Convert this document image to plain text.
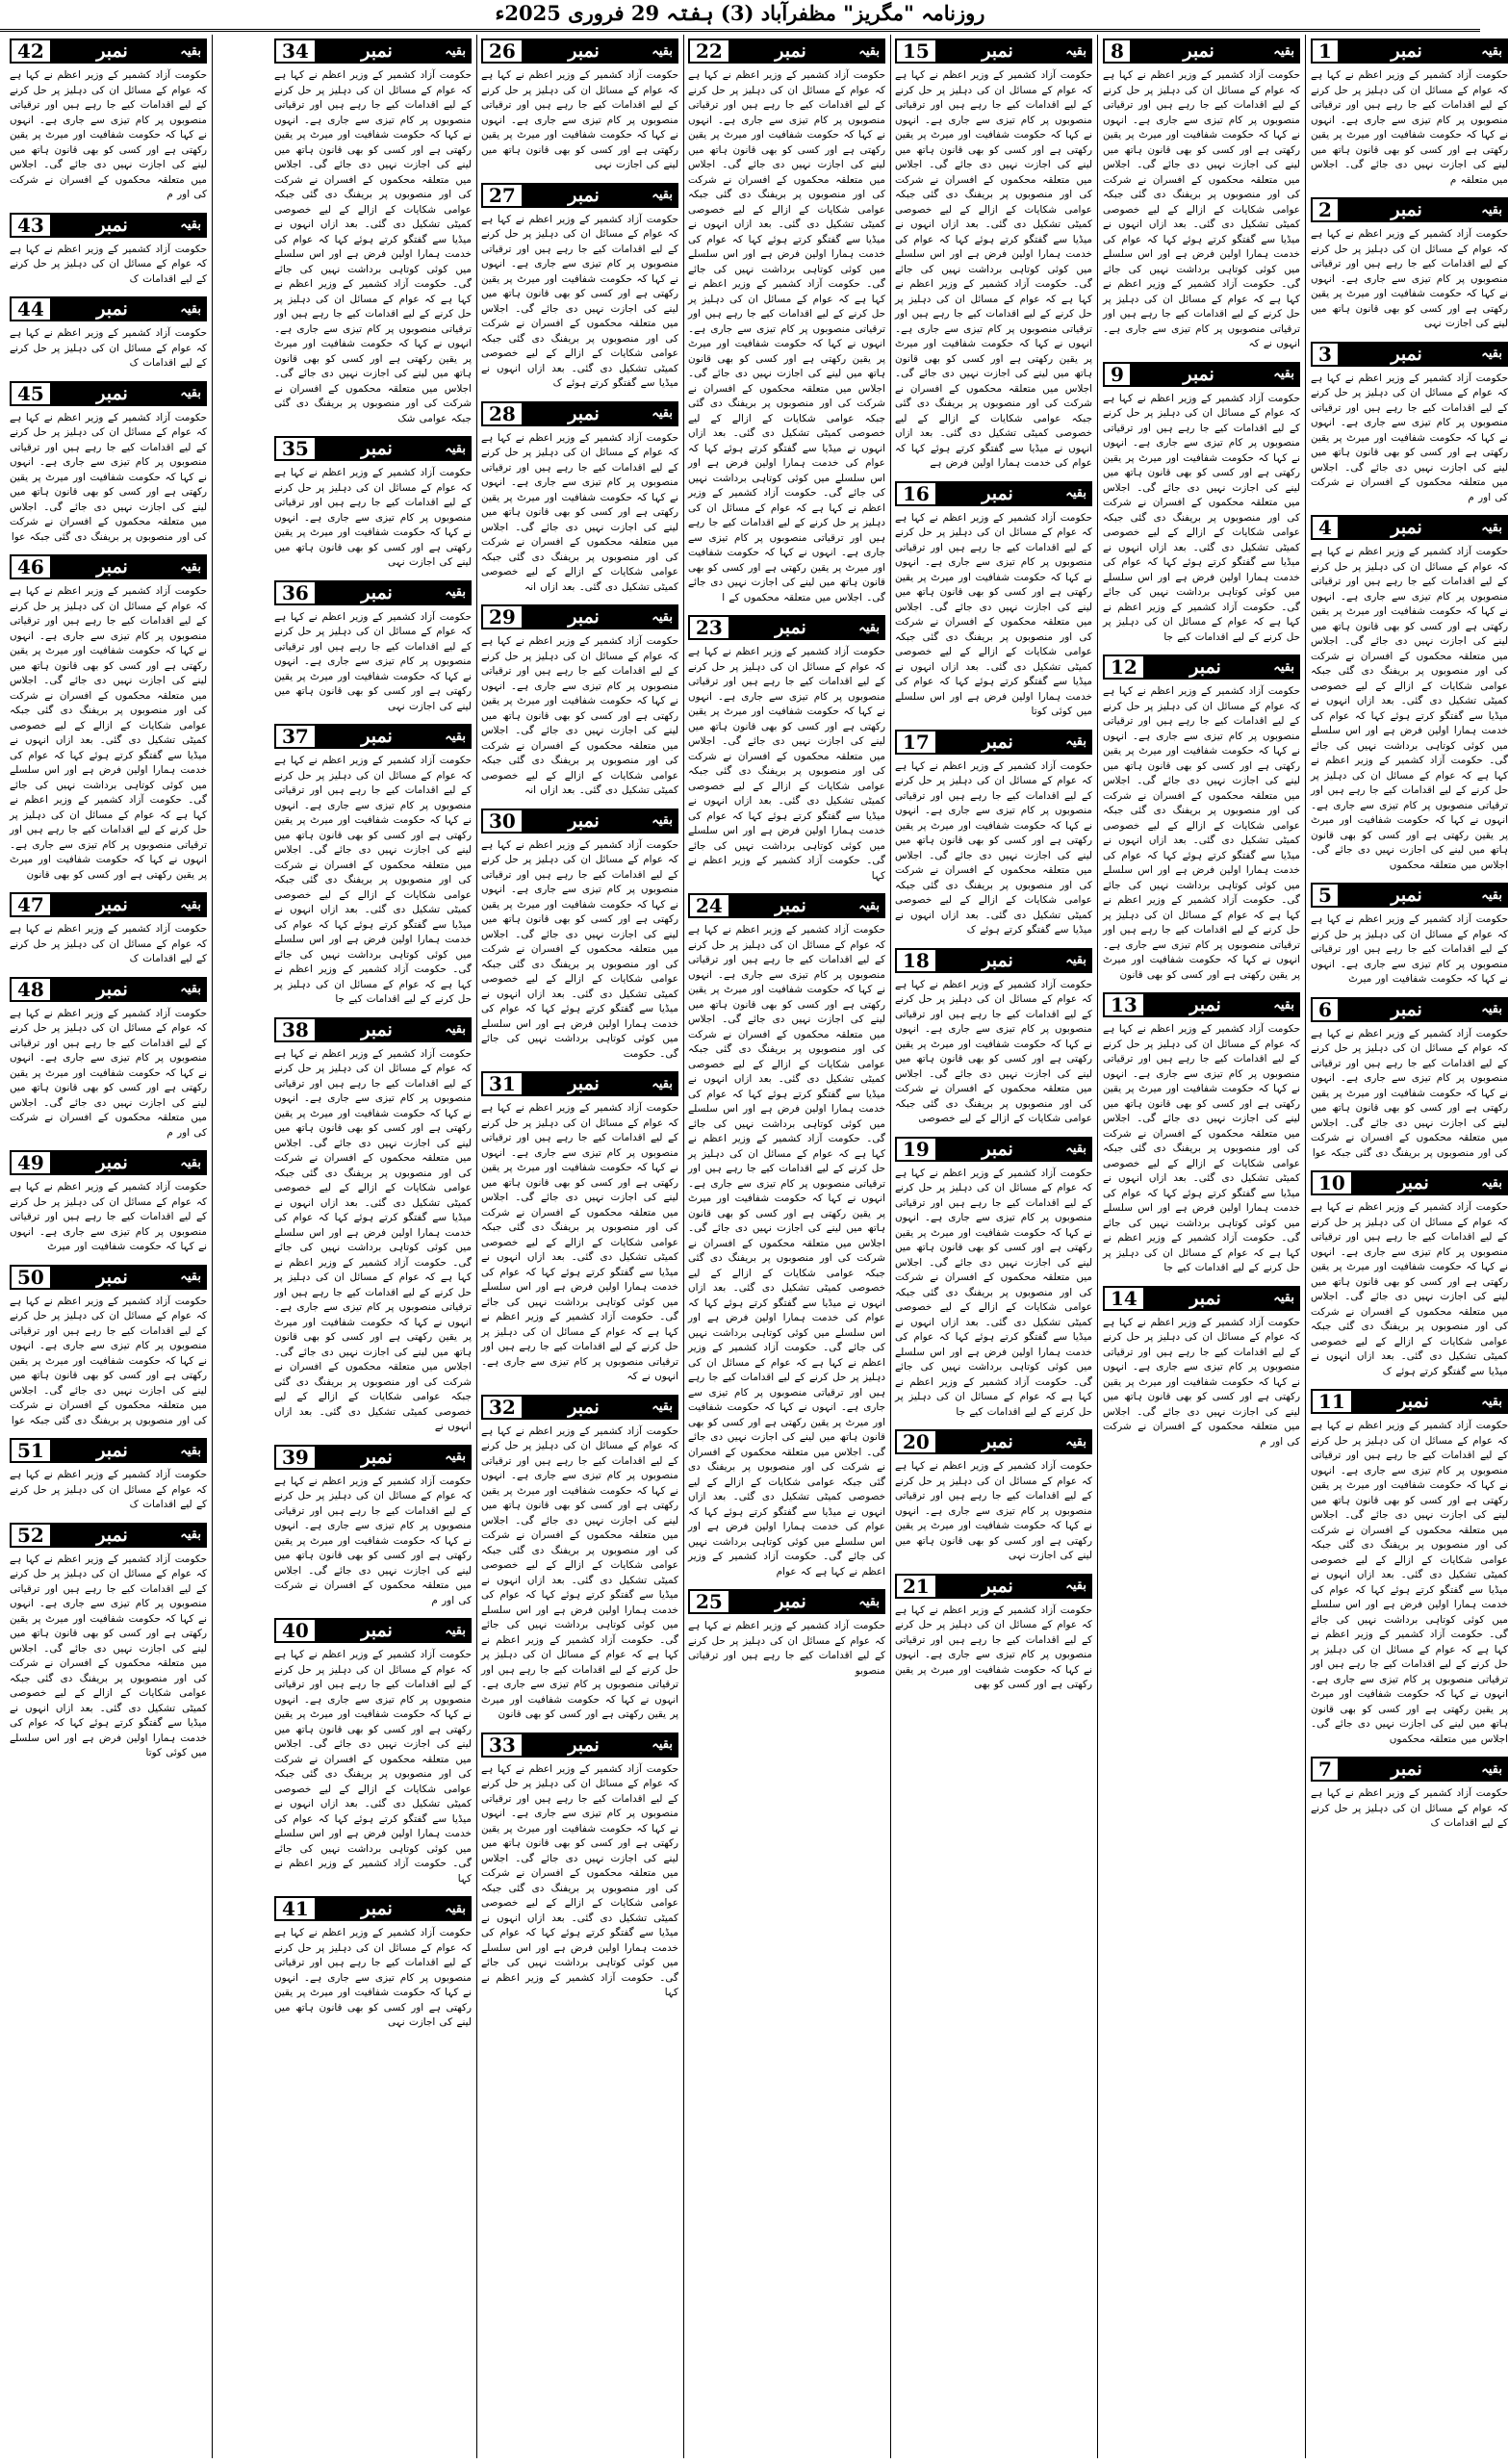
روزنامہ "مگریز" مظفرآباد (3) ہفتہ 29 فروری 2025ء
1	نمبر	بقیہ
حکومت آزاد کشمیر کے وزیر اعظم نے کہا ہے کہ عوام کے مسائل ان کی دہلیز پر حل کرنے کے لیے اقدامات کیے جا رہے ہیں اور ترقیاتی منصوبوں پر کام تیزی سے جاری ہے۔ انہوں نے کہا کہ حکومت شفافیت اور میرٹ پر یقین رکھتی ہے اور کسی کو بھی قانون ہاتھ میں لینے کی اجازت نہیں دی جائے گی۔ اجلاس میں متعلقہ م
2	نمبر	بقیہ
حکومت آزاد کشمیر کے وزیر اعظم نے کہا ہے کہ عوام کے مسائل ان کی دہلیز پر حل کرنے کے لیے اقدامات کیے جا رہے ہیں اور ترقیاتی منصوبوں پر کام تیزی سے جاری ہے۔ انہوں نے کہا کہ حکومت شفافیت اور میرٹ پر یقین رکھتی ہے اور کسی کو بھی قانون ہاتھ میں لینے کی اجازت نہی
3	نمبر	بقیہ
حکومت آزاد کشمیر کے وزیر اعظم نے کہا ہے کہ عوام کے مسائل ان کی دہلیز پر حل کرنے کے لیے اقدامات کیے جا رہے ہیں اور ترقیاتی منصوبوں پر کام تیزی سے جاری ہے۔ انہوں نے کہا کہ حکومت شفافیت اور میرٹ پر یقین رکھتی ہے اور کسی کو بھی قانون ہاتھ میں لینے کی اجازت نہیں دی جائے گی۔ اجلاس میں متعلقہ محکموں کے افسران نے شرکت کی اور م
4	نمبر	بقیہ
حکومت آزاد کشمیر کے وزیر اعظم نے کہا ہے کہ عوام کے مسائل ان کی دہلیز پر حل کرنے کے لیے اقدامات کیے جا رہے ہیں اور ترقیاتی منصوبوں پر کام تیزی سے جاری ہے۔ انہوں نے کہا کہ حکومت شفافیت اور میرٹ پر یقین رکھتی ہے اور کسی کو بھی قانون ہاتھ میں لینے کی اجازت نہیں دی جائے گی۔ اجلاس میں متعلقہ محکموں کے افسران نے شرکت کی اور منصوبوں پر بریفنگ دی گئی جبکہ عوامی شکایات کے ازالے کے لیے خصوصی کمیٹی تشکیل دی گئی۔ بعد ازاں انہوں نے میڈیا سے گفتگو کرتے ہوئے کہا کہ عوام کی خدمت ہمارا اولین فرض ہے اور اس سلسلے میں کوئی کوتاہی برداشت نہیں کی جائے گی۔ حکومت آزاد کشمیر کے وزیر اعظم نے کہا ہے کہ عوام کے مسائل ان کی دہلیز پر حل کرنے کے لیے اقدامات کیے جا رہے ہیں اور ترقیاتی منصوبوں پر کام تیزی سے جاری ہے۔ انہوں نے کہا کہ حکومت شفافیت اور میرٹ پر یقین رکھتی ہے اور کسی کو بھی قانون ہاتھ میں لینے کی اجازت نہیں دی جائے گی۔ اجلاس میں متعلقہ محکموں
5	نمبر	بقیہ
حکومت آزاد کشمیر کے وزیر اعظم نے کہا ہے کہ عوام کے مسائل ان کی دہلیز پر حل کرنے کے لیے اقدامات کیے جا رہے ہیں اور ترقیاتی منصوبوں پر کام تیزی سے جاری ہے۔ انہوں نے کہا کہ حکومت شفافیت اور میرٹ
6	نمبر	بقیہ
حکومت آزاد کشمیر کے وزیر اعظم نے کہا ہے کہ عوام کے مسائل ان کی دہلیز پر حل کرنے کے لیے اقدامات کیے جا رہے ہیں اور ترقیاتی منصوبوں پر کام تیزی سے جاری ہے۔ انہوں نے کہا کہ حکومت شفافیت اور میرٹ پر یقین رکھتی ہے اور کسی کو بھی قانون ہاتھ میں لینے کی اجازت نہیں دی جائے گی۔ اجلاس میں متعلقہ محکموں کے افسران نے شرکت کی اور منصوبوں پر بریفنگ دی گئی جبکہ عوا
10	نمبر	بقیہ
حکومت آزاد کشمیر کے وزیر اعظم نے کہا ہے کہ عوام کے مسائل ان کی دہلیز پر حل کرنے کے لیے اقدامات کیے جا رہے ہیں اور ترقیاتی منصوبوں پر کام تیزی سے جاری ہے۔ انہوں نے کہا کہ حکومت شفافیت اور میرٹ پر یقین رکھتی ہے اور کسی کو بھی قانون ہاتھ میں لینے کی اجازت نہیں دی جائے گی۔ اجلاس میں متعلقہ محکموں کے افسران نے شرکت کی اور منصوبوں پر بریفنگ دی گئی جبکہ عوامی شکایات کے ازالے کے لیے خصوصی کمیٹی تشکیل دی گئی۔ بعد ازاں انہوں نے میڈیا سے گفتگو کرتے ہوئے ک
11	نمبر	بقیہ
حکومت آزاد کشمیر کے وزیر اعظم نے کہا ہے کہ عوام کے مسائل ان کی دہلیز پر حل کرنے کے لیے اقدامات کیے جا رہے ہیں اور ترقیاتی منصوبوں پر کام تیزی سے جاری ہے۔ انہوں نے کہا کہ حکومت شفافیت اور میرٹ پر یقین رکھتی ہے اور کسی کو بھی قانون ہاتھ میں لینے کی اجازت نہیں دی جائے گی۔ اجلاس میں متعلقہ محکموں کے افسران نے شرکت کی اور منصوبوں پر بریفنگ دی گئی جبکہ عوامی شکایات کے ازالے کے لیے خصوصی کمیٹی تشکیل دی گئی۔ بعد ازاں انہوں نے میڈیا سے گفتگو کرتے ہوئے کہا کہ عوام کی خدمت ہمارا اولین فرض ہے اور اس سلسلے میں کوئی کوتاہی برداشت نہیں کی جائے گی۔ حکومت آزاد کشمیر کے وزیر اعظم نے کہا ہے کہ عوام کے مسائل ان کی دہلیز پر حل کرنے کے لیے اقدامات کیے جا رہے ہیں اور ترقیاتی منصوبوں پر کام تیزی سے جاری ہے۔ انہوں نے کہا کہ حکومت شفافیت اور میرٹ پر یقین رکھتی ہے اور کسی کو بھی قانون ہاتھ میں لینے کی اجازت نہیں دی جائے گی۔ اجلاس میں متعلقہ محکموں
7	نمبر	بقیہ
حکومت آزاد کشمیر کے وزیر اعظم نے کہا ہے کہ عوام کے مسائل ان کی دہلیز پر حل کرنے کے لیے اقدامات ک
8	نمبر	بقیہ
حکومت آزاد کشمیر کے وزیر اعظم نے کہا ہے کہ عوام کے مسائل ان کی دہلیز پر حل کرنے کے لیے اقدامات کیے جا رہے ہیں اور ترقیاتی منصوبوں پر کام تیزی سے جاری ہے۔ انہوں نے کہا کہ حکومت شفافیت اور میرٹ پر یقین رکھتی ہے اور کسی کو بھی قانون ہاتھ میں لینے کی اجازت نہیں دی جائے گی۔ اجلاس میں متعلقہ محکموں کے افسران نے شرکت کی اور منصوبوں پر بریفنگ دی گئی جبکہ عوامی شکایات کے ازالے کے لیے خصوصی کمیٹی تشکیل دی گئی۔ بعد ازاں انہوں نے میڈیا سے گفتگو کرتے ہوئے کہا کہ عوام کی خدمت ہمارا اولین فرض ہے اور اس سلسلے میں کوئی کوتاہی برداشت نہیں کی جائے گی۔ حکومت آزاد کشمیر کے وزیر اعظم نے کہا ہے کہ عوام کے مسائل ان کی دہلیز پر حل کرنے کے لیے اقدامات کیے جا رہے ہیں اور ترقیاتی منصوبوں پر کام تیزی سے جاری ہے۔ انہوں نے کہ
9	نمبر	بقیہ
حکومت آزاد کشمیر کے وزیر اعظم نے کہا ہے کہ عوام کے مسائل ان کی دہلیز پر حل کرنے کے لیے اقدامات کیے جا رہے ہیں اور ترقیاتی منصوبوں پر کام تیزی سے جاری ہے۔ انہوں نے کہا کہ حکومت شفافیت اور میرٹ پر یقین رکھتی ہے اور کسی کو بھی قانون ہاتھ میں لینے کی اجازت نہیں دی جائے گی۔ اجلاس میں متعلقہ محکموں کے افسران نے شرکت کی اور منصوبوں پر بریفنگ دی گئی جبکہ عوامی شکایات کے ازالے کے لیے خصوصی کمیٹی تشکیل دی گئی۔ بعد ازاں انہوں نے میڈیا سے گفتگو کرتے ہوئے کہا کہ عوام کی خدمت ہمارا اولین فرض ہے اور اس سلسلے میں کوئی کوتاہی برداشت نہیں کی جائے گی۔ حکومت آزاد کشمیر کے وزیر اعظم نے کہا ہے کہ عوام کے مسائل ان کی دہلیز پر حل کرنے کے لیے اقدامات کیے جا
12	نمبر	بقیہ
حکومت آزاد کشمیر کے وزیر اعظم نے کہا ہے کہ عوام کے مسائل ان کی دہلیز پر حل کرنے کے لیے اقدامات کیے جا رہے ہیں اور ترقیاتی منصوبوں پر کام تیزی سے جاری ہے۔ انہوں نے کہا کہ حکومت شفافیت اور میرٹ پر یقین رکھتی ہے اور کسی کو بھی قانون ہاتھ میں لینے کی اجازت نہیں دی جائے گی۔ اجلاس میں متعلقہ محکموں کے افسران نے شرکت کی اور منصوبوں پر بریفنگ دی گئی جبکہ عوامی شکایات کے ازالے کے لیے خصوصی کمیٹی تشکیل دی گئی۔ بعد ازاں انہوں نے میڈیا سے گفتگو کرتے ہوئے کہا کہ عوام کی خدمت ہمارا اولین فرض ہے اور اس سلسلے میں کوئی کوتاہی برداشت نہیں کی جائے گی۔ حکومت آزاد کشمیر کے وزیر اعظم نے کہا ہے کہ عوام کے مسائل ان کی دہلیز پر حل کرنے کے لیے اقدامات کیے جا رہے ہیں اور ترقیاتی منصوبوں پر کام تیزی سے جاری ہے۔ انہوں نے کہا کہ حکومت شفافیت اور میرٹ پر یقین رکھتی ہے اور کسی کو بھی قانون
13	نمبر	بقیہ
حکومت آزاد کشمیر کے وزیر اعظم نے کہا ہے کہ عوام کے مسائل ان کی دہلیز پر حل کرنے کے لیے اقدامات کیے جا رہے ہیں اور ترقیاتی منصوبوں پر کام تیزی سے جاری ہے۔ انہوں نے کہا کہ حکومت شفافیت اور میرٹ پر یقین رکھتی ہے اور کسی کو بھی قانون ہاتھ میں لینے کی اجازت نہیں دی جائے گی۔ اجلاس میں متعلقہ محکموں کے افسران نے شرکت کی اور منصوبوں پر بریفنگ دی گئی جبکہ عوامی شکایات کے ازالے کے لیے خصوصی کمیٹی تشکیل دی گئی۔ بعد ازاں انہوں نے میڈیا سے گفتگو کرتے ہوئے کہا کہ عوام کی خدمت ہمارا اولین فرض ہے اور اس سلسلے میں کوئی کوتاہی برداشت نہیں کی جائے گی۔ حکومت آزاد کشمیر کے وزیر اعظم نے کہا ہے کہ عوام کے مسائل ان کی دہلیز پر حل کرنے کے لیے اقدامات کیے جا
14	نمبر	بقیہ
حکومت آزاد کشمیر کے وزیر اعظم نے کہا ہے کہ عوام کے مسائل ان کی دہلیز پر حل کرنے کے لیے اقدامات کیے جا رہے ہیں اور ترقیاتی منصوبوں پر کام تیزی سے جاری ہے۔ انہوں نے کہا کہ حکومت شفافیت اور میرٹ پر یقین رکھتی ہے اور کسی کو بھی قانون ہاتھ میں لینے کی اجازت نہیں دی جائے گی۔ اجلاس میں متعلقہ محکموں کے افسران نے شرکت کی اور م
15	نمبر	بقیہ
حکومت آزاد کشمیر کے وزیر اعظم نے کہا ہے کہ عوام کے مسائل ان کی دہلیز پر حل کرنے کے لیے اقدامات کیے جا رہے ہیں اور ترقیاتی منصوبوں پر کام تیزی سے جاری ہے۔ انہوں نے کہا کہ حکومت شفافیت اور میرٹ پر یقین رکھتی ہے اور کسی کو بھی قانون ہاتھ میں لینے کی اجازت نہیں دی جائے گی۔ اجلاس میں متعلقہ محکموں کے افسران نے شرکت کی اور منصوبوں پر بریفنگ دی گئی جبکہ عوامی شکایات کے ازالے کے لیے خصوصی کمیٹی تشکیل دی گئی۔ بعد ازاں انہوں نے میڈیا سے گفتگو کرتے ہوئے کہا کہ عوام کی خدمت ہمارا اولین فرض ہے اور اس سلسلے میں کوئی کوتاہی برداشت نہیں کی جائے گی۔ حکومت آزاد کشمیر کے وزیر اعظم نے کہا ہے کہ عوام کے مسائل ان کی دہلیز پر حل کرنے کے لیے اقدامات کیے جا رہے ہیں اور ترقیاتی منصوبوں پر کام تیزی سے جاری ہے۔ انہوں نے کہا کہ حکومت شفافیت اور میرٹ پر یقین رکھتی ہے اور کسی کو بھی قانون ہاتھ میں لینے کی اجازت نہیں دی جائے گی۔ اجلاس میں متعلقہ محکموں کے افسران نے شرکت کی اور منصوبوں پر بریفنگ دی گئی جبکہ عوامی شکایات کے ازالے کے لیے خصوصی کمیٹی تشکیل دی گئی۔ بعد ازاں انہوں نے میڈیا سے گفتگو کرتے ہوئے کہا کہ عوام کی خدمت ہمارا اولین فرض ہے
16	نمبر	بقیہ
حکومت آزاد کشمیر کے وزیر اعظم نے کہا ہے کہ عوام کے مسائل ان کی دہلیز پر حل کرنے کے لیے اقدامات کیے جا رہے ہیں اور ترقیاتی منصوبوں پر کام تیزی سے جاری ہے۔ انہوں نے کہا کہ حکومت شفافیت اور میرٹ پر یقین رکھتی ہے اور کسی کو بھی قانون ہاتھ میں لینے کی اجازت نہیں دی جائے گی۔ اجلاس میں متعلقہ محکموں کے افسران نے شرکت کی اور منصوبوں پر بریفنگ دی گئی جبکہ عوامی شکایات کے ازالے کے لیے خصوصی کمیٹی تشکیل دی گئی۔ بعد ازاں انہوں نے میڈیا سے گفتگو کرتے ہوئے کہا کہ عوام کی خدمت ہمارا اولین فرض ہے اور اس سلسلے میں کوئی کوتا
17	نمبر	بقیہ
حکومت آزاد کشمیر کے وزیر اعظم نے کہا ہے کہ عوام کے مسائل ان کی دہلیز پر حل کرنے کے لیے اقدامات کیے جا رہے ہیں اور ترقیاتی منصوبوں پر کام تیزی سے جاری ہے۔ انہوں نے کہا کہ حکومت شفافیت اور میرٹ پر یقین رکھتی ہے اور کسی کو بھی قانون ہاتھ میں لینے کی اجازت نہیں دی جائے گی۔ اجلاس میں متعلقہ محکموں کے افسران نے شرکت کی اور منصوبوں پر بریفنگ دی گئی جبکہ عوامی شکایات کے ازالے کے لیے خصوصی کمیٹی تشکیل دی گئی۔ بعد ازاں انہوں نے میڈیا سے گفتگو کرتے ہوئے ک
18	نمبر	بقیہ
حکومت آزاد کشمیر کے وزیر اعظم نے کہا ہے کہ عوام کے مسائل ان کی دہلیز پر حل کرنے کے لیے اقدامات کیے جا رہے ہیں اور ترقیاتی منصوبوں پر کام تیزی سے جاری ہے۔ انہوں نے کہا کہ حکومت شفافیت اور میرٹ پر یقین رکھتی ہے اور کسی کو بھی قانون ہاتھ میں لینے کی اجازت نہیں دی جائے گی۔ اجلاس میں متعلقہ محکموں کے افسران نے شرکت کی اور منصوبوں پر بریفنگ دی گئی جبکہ عوامی شکایات کے ازالے کے لیے خصوصی
19	نمبر	بقیہ
حکومت آزاد کشمیر کے وزیر اعظم نے کہا ہے کہ عوام کے مسائل ان کی دہلیز پر حل کرنے کے لیے اقدامات کیے جا رہے ہیں اور ترقیاتی منصوبوں پر کام تیزی سے جاری ہے۔ انہوں نے کہا کہ حکومت شفافیت اور میرٹ پر یقین رکھتی ہے اور کسی کو بھی قانون ہاتھ میں لینے کی اجازت نہیں دی جائے گی۔ اجلاس میں متعلقہ محکموں کے افسران نے شرکت کی اور منصوبوں پر بریفنگ دی گئی جبکہ عوامی شکایات کے ازالے کے لیے خصوصی کمیٹی تشکیل دی گئی۔ بعد ازاں انہوں نے میڈیا سے گفتگو کرتے ہوئے کہا کہ عوام کی خدمت ہمارا اولین فرض ہے اور اس سلسلے میں کوئی کوتاہی برداشت نہیں کی جائے گی۔ حکومت آزاد کشمیر کے وزیر اعظم نے کہا ہے کہ عوام کے مسائل ان کی دہلیز پر حل کرنے کے لیے اقدامات کیے جا
20	نمبر	بقیہ
حکومت آزاد کشمیر کے وزیر اعظم نے کہا ہے کہ عوام کے مسائل ان کی دہلیز پر حل کرنے کے لیے اقدامات کیے جا رہے ہیں اور ترقیاتی منصوبوں پر کام تیزی سے جاری ہے۔ انہوں نے کہا کہ حکومت شفافیت اور میرٹ پر یقین رکھتی ہے اور کسی کو بھی قانون ہاتھ میں لینے کی اجازت نہی
21	نمبر	بقیہ
حکومت آزاد کشمیر کے وزیر اعظم نے کہا ہے کہ عوام کے مسائل ان کی دہلیز پر حل کرنے کے لیے اقدامات کیے جا رہے ہیں اور ترقیاتی منصوبوں پر کام تیزی سے جاری ہے۔ انہوں نے کہا کہ حکومت شفافیت اور میرٹ پر یقین رکھتی ہے اور کسی کو بھی
22	نمبر	بقیہ
حکومت آزاد کشمیر کے وزیر اعظم نے کہا ہے کہ عوام کے مسائل ان کی دہلیز پر حل کرنے کے لیے اقدامات کیے جا رہے ہیں اور ترقیاتی منصوبوں پر کام تیزی سے جاری ہے۔ انہوں نے کہا کہ حکومت شفافیت اور میرٹ پر یقین رکھتی ہے اور کسی کو بھی قانون ہاتھ میں لینے کی اجازت نہیں دی جائے گی۔ اجلاس میں متعلقہ محکموں کے افسران نے شرکت کی اور منصوبوں پر بریفنگ دی گئی جبکہ عوامی شکایات کے ازالے کے لیے خصوصی کمیٹی تشکیل دی گئی۔ بعد ازاں انہوں نے میڈیا سے گفتگو کرتے ہوئے کہا کہ عوام کی خدمت ہمارا اولین فرض ہے اور اس سلسلے میں کوئی کوتاہی برداشت نہیں کی جائے گی۔ حکومت آزاد کشمیر کے وزیر اعظم نے کہا ہے کہ عوام کے مسائل ان کی دہلیز پر حل کرنے کے لیے اقدامات کیے جا رہے ہیں اور ترقیاتی منصوبوں پر کام تیزی سے جاری ہے۔ انہوں نے کہا کہ حکومت شفافیت اور میرٹ پر یقین رکھتی ہے اور کسی کو بھی قانون ہاتھ میں لینے کی اجازت نہیں دی جائے گی۔ اجلاس میں متعلقہ محکموں کے افسران نے شرکت کی اور منصوبوں پر بریفنگ دی گئی جبکہ عوامی شکایات کے ازالے کے لیے خصوصی کمیٹی تشکیل دی گئی۔ بعد ازاں انہوں نے میڈیا سے گفتگو کرتے ہوئے کہا کہ عوام کی خدمت ہمارا اولین فرض ہے اور اس سلسلے میں کوئی کوتاہی برداشت نہیں کی جائے گی۔ حکومت آزاد کشمیر کے وزیر اعظم نے کہا ہے کہ عوام کے مسائل ان کی دہلیز پر حل کرنے کے لیے اقدامات کیے جا رہے ہیں اور ترقیاتی منصوبوں پر کام تیزی سے جاری ہے۔ انہوں نے کہا کہ حکومت شفافیت اور میرٹ پر یقین رکھتی ہے اور کسی کو بھی قانون ہاتھ میں لینے کی اجازت نہیں دی جائے گی۔ اجلاس میں متعلقہ محکموں کے ا
23	نمبر	بقیہ
حکومت آزاد کشمیر کے وزیر اعظم نے کہا ہے کہ عوام کے مسائل ان کی دہلیز پر حل کرنے کے لیے اقدامات کیے جا رہے ہیں اور ترقیاتی منصوبوں پر کام تیزی سے جاری ہے۔ انہوں نے کہا کہ حکومت شفافیت اور میرٹ پر یقین رکھتی ہے اور کسی کو بھی قانون ہاتھ میں لینے کی اجازت نہیں دی جائے گی۔ اجلاس میں متعلقہ محکموں کے افسران نے شرکت کی اور منصوبوں پر بریفنگ دی گئی جبکہ عوامی شکایات کے ازالے کے لیے خصوصی کمیٹی تشکیل دی گئی۔ بعد ازاں انہوں نے میڈیا سے گفتگو کرتے ہوئے کہا کہ عوام کی خدمت ہمارا اولین فرض ہے اور اس سلسلے میں کوئی کوتاہی برداشت نہیں کی جائے گی۔ حکومت آزاد کشمیر کے وزیر اعظم نے کہا
24	نمبر	بقیہ
حکومت آزاد کشمیر کے وزیر اعظم نے کہا ہے کہ عوام کے مسائل ان کی دہلیز پر حل کرنے کے لیے اقدامات کیے جا رہے ہیں اور ترقیاتی منصوبوں پر کام تیزی سے جاری ہے۔ انہوں نے کہا کہ حکومت شفافیت اور میرٹ پر یقین رکھتی ہے اور کسی کو بھی قانون ہاتھ میں لینے کی اجازت نہیں دی جائے گی۔ اجلاس میں متعلقہ محکموں کے افسران نے شرکت کی اور منصوبوں پر بریفنگ دی گئی جبکہ عوامی شکایات کے ازالے کے لیے خصوصی کمیٹی تشکیل دی گئی۔ بعد ازاں انہوں نے میڈیا سے گفتگو کرتے ہوئے کہا کہ عوام کی خدمت ہمارا اولین فرض ہے اور اس سلسلے میں کوئی کوتاہی برداشت نہیں کی جائے گی۔ حکومت آزاد کشمیر کے وزیر اعظم نے کہا ہے کہ عوام کے مسائل ان کی دہلیز پر حل کرنے کے لیے اقدامات کیے جا رہے ہیں اور ترقیاتی منصوبوں پر کام تیزی سے جاری ہے۔ انہوں نے کہا کہ حکومت شفافیت اور میرٹ پر یقین رکھتی ہے اور کسی کو بھی قانون ہاتھ میں لینے کی اجازت نہیں دی جائے گی۔ اجلاس میں متعلقہ محکموں کے افسران نے شرکت کی اور منصوبوں پر بریفنگ دی گئی جبکہ عوامی شکایات کے ازالے کے لیے خصوصی کمیٹی تشکیل دی گئی۔ بعد ازاں انہوں نے میڈیا سے گفتگو کرتے ہوئے کہا کہ عوام کی خدمت ہمارا اولین فرض ہے اور اس سلسلے میں کوئی کوتاہی برداشت نہیں کی جائے گی۔ حکومت آزاد کشمیر کے وزیر اعظم نے کہا ہے کہ عوام کے مسائل ان کی دہلیز پر حل کرنے کے لیے اقدامات کیے جا رہے ہیں اور ترقیاتی منصوبوں پر کام تیزی سے جاری ہے۔ انہوں نے کہا کہ حکومت شفافیت اور میرٹ پر یقین رکھتی ہے اور کسی کو بھی قانون ہاتھ میں لینے کی اجازت نہیں دی جائے گی۔ اجلاس میں متعلقہ محکموں کے افسران نے شرکت کی اور منصوبوں پر بریفنگ دی گئی جبکہ عوامی شکایات کے ازالے کے لیے خصوصی کمیٹی تشکیل دی گئی۔ بعد ازاں انہوں نے میڈیا سے گفتگو کرتے ہوئے کہا کہ عوام کی خدمت ہمارا اولین فرض ہے اور اس سلسلے میں کوئی کوتاہی برداشت نہیں کی جائے گی۔ حکومت آزاد کشمیر کے وزیر اعظم نے کہا ہے کہ عوام
25	نمبر	بقیہ
حکومت آزاد کشمیر کے وزیر اعظم نے کہا ہے کہ عوام کے مسائل ان کی دہلیز پر حل کرنے کے لیے اقدامات کیے جا رہے ہیں اور ترقیاتی منصوبو
26	نمبر	بقیہ
حکومت آزاد کشمیر کے وزیر اعظم نے کہا ہے کہ عوام کے مسائل ان کی دہلیز پر حل کرنے کے لیے اقدامات کیے جا رہے ہیں اور ترقیاتی منصوبوں پر کام تیزی سے جاری ہے۔ انہوں نے کہا کہ حکومت شفافیت اور میرٹ پر یقین رکھتی ہے اور کسی کو بھی قانون ہاتھ میں لینے کی اجازت نہی
27	نمبر	بقیہ
حکومت آزاد کشمیر کے وزیر اعظم نے کہا ہے کہ عوام کے مسائل ان کی دہلیز پر حل کرنے کے لیے اقدامات کیے جا رہے ہیں اور ترقیاتی منصوبوں پر کام تیزی سے جاری ہے۔ انہوں نے کہا کہ حکومت شفافیت اور میرٹ پر یقین رکھتی ہے اور کسی کو بھی قانون ہاتھ میں لینے کی اجازت نہیں دی جائے گی۔ اجلاس میں متعلقہ محکموں کے افسران نے شرکت کی اور منصوبوں پر بریفنگ دی گئی جبکہ عوامی شکایات کے ازالے کے لیے خصوصی کمیٹی تشکیل دی گئی۔ بعد ازاں انہوں نے میڈیا سے گفتگو کرتے ہوئے ک
28	نمبر	بقیہ
حکومت آزاد کشمیر کے وزیر اعظم نے کہا ہے کہ عوام کے مسائل ان کی دہلیز پر حل کرنے کے لیے اقدامات کیے جا رہے ہیں اور ترقیاتی منصوبوں پر کام تیزی سے جاری ہے۔ انہوں نے کہا کہ حکومت شفافیت اور میرٹ پر یقین رکھتی ہے اور کسی کو بھی قانون ہاتھ میں لینے کی اجازت نہیں دی جائے گی۔ اجلاس میں متعلقہ محکموں کے افسران نے شرکت کی اور منصوبوں پر بریفنگ دی گئی جبکہ عوامی شکایات کے ازالے کے لیے خصوصی کمیٹی تشکیل دی گئی۔ بعد ازاں انہ
29	نمبر	بقیہ
حکومت آزاد کشمیر کے وزیر اعظم نے کہا ہے کہ عوام کے مسائل ان کی دہلیز پر حل کرنے کے لیے اقدامات کیے جا رہے ہیں اور ترقیاتی منصوبوں پر کام تیزی سے جاری ہے۔ انہوں نے کہا کہ حکومت شفافیت اور میرٹ پر یقین رکھتی ہے اور کسی کو بھی قانون ہاتھ میں لینے کی اجازت نہیں دی جائے گی۔ اجلاس میں متعلقہ محکموں کے افسران نے شرکت کی اور منصوبوں پر بریفنگ دی گئی جبکہ عوامی شکایات کے ازالے کے لیے خصوصی کمیٹی تشکیل دی گئی۔ بعد ازاں انہ
30	نمبر	بقیہ
حکومت آزاد کشمیر کے وزیر اعظم نے کہا ہے کہ عوام کے مسائل ان کی دہلیز پر حل کرنے کے لیے اقدامات کیے جا رہے ہیں اور ترقیاتی منصوبوں پر کام تیزی سے جاری ہے۔ انہوں نے کہا کہ حکومت شفافیت اور میرٹ پر یقین رکھتی ہے اور کسی کو بھی قانون ہاتھ میں لینے کی اجازت نہیں دی جائے گی۔ اجلاس میں متعلقہ محکموں کے افسران نے شرکت کی اور منصوبوں پر بریفنگ دی گئی جبکہ عوامی شکایات کے ازالے کے لیے خصوصی کمیٹی تشکیل دی گئی۔ بعد ازاں انہوں نے میڈیا سے گفتگو کرتے ہوئے کہا کہ عوام کی خدمت ہمارا اولین فرض ہے اور اس سلسلے میں کوئی کوتاہی برداشت نہیں کی جائے گی۔ حکومت
31	نمبر	بقیہ
حکومت آزاد کشمیر کے وزیر اعظم نے کہا ہے کہ عوام کے مسائل ان کی دہلیز پر حل کرنے کے لیے اقدامات کیے جا رہے ہیں اور ترقیاتی منصوبوں پر کام تیزی سے جاری ہے۔ انہوں نے کہا کہ حکومت شفافیت اور میرٹ پر یقین رکھتی ہے اور کسی کو بھی قانون ہاتھ میں لینے کی اجازت نہیں دی جائے گی۔ اجلاس میں متعلقہ محکموں کے افسران نے شرکت کی اور منصوبوں پر بریفنگ دی گئی جبکہ عوامی شکایات کے ازالے کے لیے خصوصی کمیٹی تشکیل دی گئی۔ بعد ازاں انہوں نے میڈیا سے گفتگو کرتے ہوئے کہا کہ عوام کی خدمت ہمارا اولین فرض ہے اور اس سلسلے میں کوئی کوتاہی برداشت نہیں کی جائے گی۔ حکومت آزاد کشمیر کے وزیر اعظم نے کہا ہے کہ عوام کے مسائل ان کی دہلیز پر حل کرنے کے لیے اقدامات کیے جا رہے ہیں اور ترقیاتی منصوبوں پر کام تیزی سے جاری ہے۔ انہوں نے کہ
32	نمبر	بقیہ
حکومت آزاد کشمیر کے وزیر اعظم نے کہا ہے کہ عوام کے مسائل ان کی دہلیز پر حل کرنے کے لیے اقدامات کیے جا رہے ہیں اور ترقیاتی منصوبوں پر کام تیزی سے جاری ہے۔ انہوں نے کہا کہ حکومت شفافیت اور میرٹ پر یقین رکھتی ہے اور کسی کو بھی قانون ہاتھ میں لینے کی اجازت نہیں دی جائے گی۔ اجلاس میں متعلقہ محکموں کے افسران نے شرکت کی اور منصوبوں پر بریفنگ دی گئی جبکہ عوامی شکایات کے ازالے کے لیے خصوصی کمیٹی تشکیل دی گئی۔ بعد ازاں انہوں نے میڈیا سے گفتگو کرتے ہوئے کہا کہ عوام کی خدمت ہمارا اولین فرض ہے اور اس سلسلے میں کوئی کوتاہی برداشت نہیں کی جائے گی۔ حکومت آزاد کشمیر کے وزیر اعظم نے کہا ہے کہ عوام کے مسائل ان کی دہلیز پر حل کرنے کے لیے اقدامات کیے جا رہے ہیں اور ترقیاتی منصوبوں پر کام تیزی سے جاری ہے۔ انہوں نے کہا کہ حکومت شفافیت اور میرٹ پر یقین رکھتی ہے اور کسی کو بھی قانون
33	نمبر	بقیہ
حکومت آزاد کشمیر کے وزیر اعظم نے کہا ہے کہ عوام کے مسائل ان کی دہلیز پر حل کرنے کے لیے اقدامات کیے جا رہے ہیں اور ترقیاتی منصوبوں پر کام تیزی سے جاری ہے۔ انہوں نے کہا کہ حکومت شفافیت اور میرٹ پر یقین رکھتی ہے اور کسی کو بھی قانون ہاتھ میں لینے کی اجازت نہیں دی جائے گی۔ اجلاس میں متعلقہ محکموں کے افسران نے شرکت کی اور منصوبوں پر بریفنگ دی گئی جبکہ عوامی شکایات کے ازالے کے لیے خصوصی کمیٹی تشکیل دی گئی۔ بعد ازاں انہوں نے میڈیا سے گفتگو کرتے ہوئے کہا کہ عوام کی خدمت ہمارا اولین فرض ہے اور اس سلسلے میں کوئی کوتاہی برداشت نہیں کی جائے گی۔ حکومت آزاد کشمیر کے وزیر اعظم نے کہا
34	نمبر	بقیہ
حکومت آزاد کشمیر کے وزیر اعظم نے کہا ہے کہ عوام کے مسائل ان کی دہلیز پر حل کرنے کے لیے اقدامات کیے جا رہے ہیں اور ترقیاتی منصوبوں پر کام تیزی سے جاری ہے۔ انہوں نے کہا کہ حکومت شفافیت اور میرٹ پر یقین رکھتی ہے اور کسی کو بھی قانون ہاتھ میں لینے کی اجازت نہیں دی جائے گی۔ اجلاس میں متعلقہ محکموں کے افسران نے شرکت کی اور منصوبوں پر بریفنگ دی گئی جبکہ عوامی شکایات کے ازالے کے لیے خصوصی کمیٹی تشکیل دی گئی۔ بعد ازاں انہوں نے میڈیا سے گفتگو کرتے ہوئے کہا کہ عوام کی خدمت ہمارا اولین فرض ہے اور اس سلسلے میں کوئی کوتاہی برداشت نہیں کی جائے گی۔ حکومت آزاد کشمیر کے وزیر اعظم نے کہا ہے کہ عوام کے مسائل ان کی دہلیز پر حل کرنے کے لیے اقدامات کیے جا رہے ہیں اور ترقیاتی منصوبوں پر کام تیزی سے جاری ہے۔ انہوں نے کہا کہ حکومت شفافیت اور میرٹ پر یقین رکھتی ہے اور کسی کو بھی قانون ہاتھ میں لینے کی اجازت نہیں دی جائے گی۔ اجلاس میں متعلقہ محکموں کے افسران نے شرکت کی اور منصوبوں پر بریفنگ دی گئی جبکہ عوامی شک
35	نمبر	بقیہ
حکومت آزاد کشمیر کے وزیر اعظم نے کہا ہے کہ عوام کے مسائل ان کی دہلیز پر حل کرنے کے لیے اقدامات کیے جا رہے ہیں اور ترقیاتی منصوبوں پر کام تیزی سے جاری ہے۔ انہوں نے کہا کہ حکومت شفافیت اور میرٹ پر یقین رکھتی ہے اور کسی کو بھی قانون ہاتھ میں لینے کی اجازت نہی
36	نمبر	بقیہ
حکومت آزاد کشمیر کے وزیر اعظم نے کہا ہے کہ عوام کے مسائل ان کی دہلیز پر حل کرنے کے لیے اقدامات کیے جا رہے ہیں اور ترقیاتی منصوبوں پر کام تیزی سے جاری ہے۔ انہوں نے کہا کہ حکومت شفافیت اور میرٹ پر یقین رکھتی ہے اور کسی کو بھی قانون ہاتھ میں لینے کی اجازت نہی
37	نمبر	بقیہ
حکومت آزاد کشمیر کے وزیر اعظم نے کہا ہے کہ عوام کے مسائل ان کی دہلیز پر حل کرنے کے لیے اقدامات کیے جا رہے ہیں اور ترقیاتی منصوبوں پر کام تیزی سے جاری ہے۔ انہوں نے کہا کہ حکومت شفافیت اور میرٹ پر یقین رکھتی ہے اور کسی کو بھی قانون ہاتھ میں لینے کی اجازت نہیں دی جائے گی۔ اجلاس میں متعلقہ محکموں کے افسران نے شرکت کی اور منصوبوں پر بریفنگ دی گئی جبکہ عوامی شکایات کے ازالے کے لیے خصوصی کمیٹی تشکیل دی گئی۔ بعد ازاں انہوں نے میڈیا سے گفتگو کرتے ہوئے کہا کہ عوام کی خدمت ہمارا اولین فرض ہے اور اس سلسلے میں کوئی کوتاہی برداشت نہیں کی جائے گی۔ حکومت آزاد کشمیر کے وزیر اعظم نے کہا ہے کہ عوام کے مسائل ان کی دہلیز پر حل کرنے کے لیے اقدامات کیے جا
38	نمبر	بقیہ
حکومت آزاد کشمیر کے وزیر اعظم نے کہا ہے کہ عوام کے مسائل ان کی دہلیز پر حل کرنے کے لیے اقدامات کیے جا رہے ہیں اور ترقیاتی منصوبوں پر کام تیزی سے جاری ہے۔ انہوں نے کہا کہ حکومت شفافیت اور میرٹ پر یقین رکھتی ہے اور کسی کو بھی قانون ہاتھ میں لینے کی اجازت نہیں دی جائے گی۔ اجلاس میں متعلقہ محکموں کے افسران نے شرکت کی اور منصوبوں پر بریفنگ دی گئی جبکہ عوامی شکایات کے ازالے کے لیے خصوصی کمیٹی تشکیل دی گئی۔ بعد ازاں انہوں نے میڈیا سے گفتگو کرتے ہوئے کہا کہ عوام کی خدمت ہمارا اولین فرض ہے اور اس سلسلے میں کوئی کوتاہی برداشت نہیں کی جائے گی۔ حکومت آزاد کشمیر کے وزیر اعظم نے کہا ہے کہ عوام کے مسائل ان کی دہلیز پر حل کرنے کے لیے اقدامات کیے جا رہے ہیں اور ترقیاتی منصوبوں پر کام تیزی سے جاری ہے۔ انہوں نے کہا کہ حکومت شفافیت اور میرٹ پر یقین رکھتی ہے اور کسی کو بھی قانون ہاتھ میں لینے کی اجازت نہیں دی جائے گی۔ اجلاس میں متعلقہ محکموں کے افسران نے شرکت کی اور منصوبوں پر بریفنگ دی گئی جبکہ عوامی شکایات کے ازالے کے لیے خصوصی کمیٹی تشکیل دی گئی۔ بعد ازاں انہوں نے
39	نمبر	بقیہ
حکومت آزاد کشمیر کے وزیر اعظم نے کہا ہے کہ عوام کے مسائل ان کی دہلیز پر حل کرنے کے لیے اقدامات کیے جا رہے ہیں اور ترقیاتی منصوبوں پر کام تیزی سے جاری ہے۔ انہوں نے کہا کہ حکومت شفافیت اور میرٹ پر یقین رکھتی ہے اور کسی کو بھی قانون ہاتھ میں لینے کی اجازت نہیں دی جائے گی۔ اجلاس میں متعلقہ محکموں کے افسران نے شرکت کی اور م
40	نمبر	بقیہ
حکومت آزاد کشمیر کے وزیر اعظم نے کہا ہے کہ عوام کے مسائل ان کی دہلیز پر حل کرنے کے لیے اقدامات کیے جا رہے ہیں اور ترقیاتی منصوبوں پر کام تیزی سے جاری ہے۔ انہوں نے کہا کہ حکومت شفافیت اور میرٹ پر یقین رکھتی ہے اور کسی کو بھی قانون ہاتھ میں لینے کی اجازت نہیں دی جائے گی۔ اجلاس میں متعلقہ محکموں کے افسران نے شرکت کی اور منصوبوں پر بریفنگ دی گئی جبکہ عوامی شکایات کے ازالے کے لیے خصوصی کمیٹی تشکیل دی گئی۔ بعد ازاں انہوں نے میڈیا سے گفتگو کرتے ہوئے کہا کہ عوام کی خدمت ہمارا اولین فرض ہے اور اس سلسلے میں کوئی کوتاہی برداشت نہیں کی جائے گی۔ حکومت آزاد کشمیر کے وزیر اعظم نے کہا
41	نمبر	بقیہ
حکومت آزاد کشمیر کے وزیر اعظم نے کہا ہے کہ عوام کے مسائل ان کی دہلیز پر حل کرنے کے لیے اقدامات کیے جا رہے ہیں اور ترقیاتی منصوبوں پر کام تیزی سے جاری ہے۔ انہوں نے کہا کہ حکومت شفافیت اور میرٹ پر یقین رکھتی ہے اور کسی کو بھی قانون ہاتھ میں لینے کی اجازت نہی
42	نمبر	بقیہ
حکومت آزاد کشمیر کے وزیر اعظم نے کہا ہے کہ عوام کے مسائل ان کی دہلیز پر حل کرنے کے لیے اقدامات کیے جا رہے ہیں اور ترقیاتی منصوبوں پر کام تیزی سے جاری ہے۔ انہوں نے کہا کہ حکومت شفافیت اور میرٹ پر یقین رکھتی ہے اور کسی کو بھی قانون ہاتھ میں لینے کی اجازت نہیں دی جائے گی۔ اجلاس میں متعلقہ محکموں کے افسران نے شرکت کی اور م
43	نمبر	بقیہ
حکومت آزاد کشمیر کے وزیر اعظم نے کہا ہے کہ عوام کے مسائل ان کی دہلیز پر حل کرنے کے لیے اقدامات ک
44	نمبر	بقیہ
حکومت آزاد کشمیر کے وزیر اعظم نے کہا ہے کہ عوام کے مسائل ان کی دہلیز پر حل کرنے کے لیے اقدامات ک
45	نمبر	بقیہ
حکومت آزاد کشمیر کے وزیر اعظم نے کہا ہے کہ عوام کے مسائل ان کی دہلیز پر حل کرنے کے لیے اقدامات کیے جا رہے ہیں اور ترقیاتی منصوبوں پر کام تیزی سے جاری ہے۔ انہوں نے کہا کہ حکومت شفافیت اور میرٹ پر یقین رکھتی ہے اور کسی کو بھی قانون ہاتھ میں لینے کی اجازت نہیں دی جائے گی۔ اجلاس میں متعلقہ محکموں کے افسران نے شرکت کی اور منصوبوں پر بریفنگ دی گئی جبکہ عوا
46	نمبر	بقیہ
حکومت آزاد کشمیر کے وزیر اعظم نے کہا ہے کہ عوام کے مسائل ان کی دہلیز پر حل کرنے کے لیے اقدامات کیے جا رہے ہیں اور ترقیاتی منصوبوں پر کام تیزی سے جاری ہے۔ انہوں نے کہا کہ حکومت شفافیت اور میرٹ پر یقین رکھتی ہے اور کسی کو بھی قانون ہاتھ میں لینے کی اجازت نہیں دی جائے گی۔ اجلاس میں متعلقہ محکموں کے افسران نے شرکت کی اور منصوبوں پر بریفنگ دی گئی جبکہ عوامی شکایات کے ازالے کے لیے خصوصی کمیٹی تشکیل دی گئی۔ بعد ازاں انہوں نے میڈیا سے گفتگو کرتے ہوئے کہا کہ عوام کی خدمت ہمارا اولین فرض ہے اور اس سلسلے میں کوئی کوتاہی برداشت نہیں کی جائے گی۔ حکومت آزاد کشمیر کے وزیر اعظم نے کہا ہے کہ عوام کے مسائل ان کی دہلیز پر حل کرنے کے لیے اقدامات کیے جا رہے ہیں اور ترقیاتی منصوبوں پر کام تیزی سے جاری ہے۔ انہوں نے کہا کہ حکومت شفافیت اور میرٹ پر یقین رکھتی ہے اور کسی کو بھی قانون
47	نمبر	بقیہ
حکومت آزاد کشمیر کے وزیر اعظم نے کہا ہے کہ عوام کے مسائل ان کی دہلیز پر حل کرنے کے لیے اقدامات ک
48	نمبر	بقیہ
حکومت آزاد کشمیر کے وزیر اعظم نے کہا ہے کہ عوام کے مسائل ان کی دہلیز پر حل کرنے کے لیے اقدامات کیے جا رہے ہیں اور ترقیاتی منصوبوں پر کام تیزی سے جاری ہے۔ انہوں نے کہا کہ حکومت شفافیت اور میرٹ پر یقین رکھتی ہے اور کسی کو بھی قانون ہاتھ میں لینے کی اجازت نہیں دی جائے گی۔ اجلاس میں متعلقہ محکموں کے افسران نے شرکت کی اور م
49	نمبر	بقیہ
حکومت آزاد کشمیر کے وزیر اعظم نے کہا ہے کہ عوام کے مسائل ان کی دہلیز پر حل کرنے کے لیے اقدامات کیے جا رہے ہیں اور ترقیاتی منصوبوں پر کام تیزی سے جاری ہے۔ انہوں نے کہا کہ حکومت شفافیت اور میرٹ
50	نمبر	بقیہ
حکومت آزاد کشمیر کے وزیر اعظم نے کہا ہے کہ عوام کے مسائل ان کی دہلیز پر حل کرنے کے لیے اقدامات کیے جا رہے ہیں اور ترقیاتی منصوبوں پر کام تیزی سے جاری ہے۔ انہوں نے کہا کہ حکومت شفافیت اور میرٹ پر یقین رکھتی ہے اور کسی کو بھی قانون ہاتھ میں لینے کی اجازت نہیں دی جائے گی۔ اجلاس میں متعلقہ محکموں کے افسران نے شرکت کی اور منصوبوں پر بریفنگ دی گئی جبکہ عوا
51	نمبر	بقیہ
حکومت آزاد کشمیر کے وزیر اعظم نے کہا ہے کہ عوام کے مسائل ان کی دہلیز پر حل کرنے کے لیے اقدامات ک
52	نمبر	بقیہ
حکومت آزاد کشمیر کے وزیر اعظم نے کہا ہے کہ عوام کے مسائل ان کی دہلیز پر حل کرنے کے لیے اقدامات کیے جا رہے ہیں اور ترقیاتی منصوبوں پر کام تیزی سے جاری ہے۔ انہوں نے کہا کہ حکومت شفافیت اور میرٹ پر یقین رکھتی ہے اور کسی کو بھی قانون ہاتھ میں لینے کی اجازت نہیں دی جائے گی۔ اجلاس میں متعلقہ محکموں کے افسران نے شرکت کی اور منصوبوں پر بریفنگ دی گئی جبکہ عوامی شکایات کے ازالے کے لیے خصوصی کمیٹی تشکیل دی گئی۔ بعد ازاں انہوں نے میڈیا سے گفتگو کرتے ہوئے کہا کہ عوام کی خدمت ہمارا اولین فرض ہے اور اس سلسلے میں کوئی کوتا
